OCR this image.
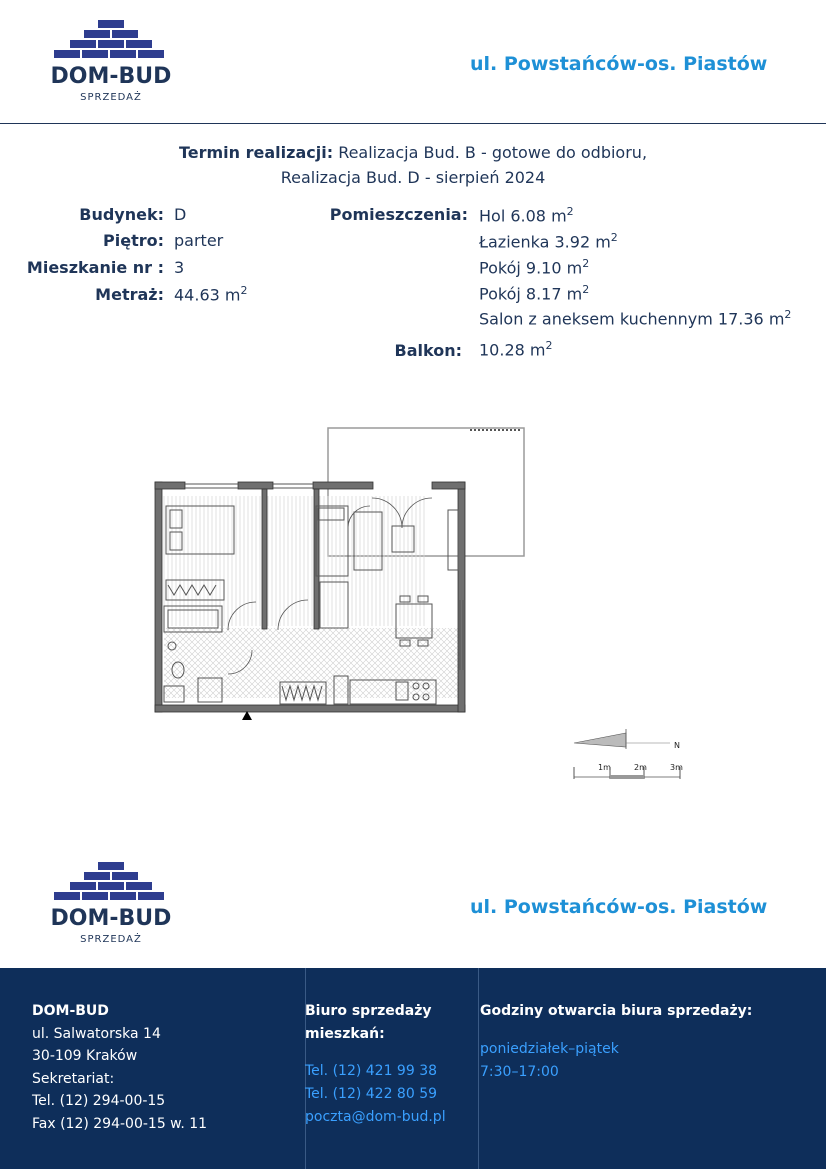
DOM-BUD
SPRZEDAŻ
ul. Powstańców-os. Piastów
Termin realizacji: Realizacja Bud. B - gotowe do odbioru,
Realizacja Bud. D - sierpień 2024
Budynek: D
Piętro: parter
Mieszkanie nr : 3
Metraż: 44.63 $m^2$
Pomieszczenia: Hol 6.08 $m^2$
Łazienka 3.92 $m^2$
Pokój 9.10 $m^2$
Pokój 8.17 $m^2$
Salon z aneksem kuchennym 17.36 $m^2$
Balkon: 10.28 $m^2$
N
1m	2m	3m
DOM-BUD
SPRZEDAŻ
ul. Powstańców-os. Piastów
DOM-BUD
ul. Salwatorska 14
30-109 Kraków
Sekretariat:
Tel. (12) 294-00-15
Fax (12) 294-00-15 w. 11
Biuro sprzedaży
mieszkań:
Tel. (12) 421 99 38
Tel. (12) 422 80 59
poczta@dom-bud.pl
Godziny otwarcia biura sprzedaży:
poniedziałek–piątek
7:30–17:00
